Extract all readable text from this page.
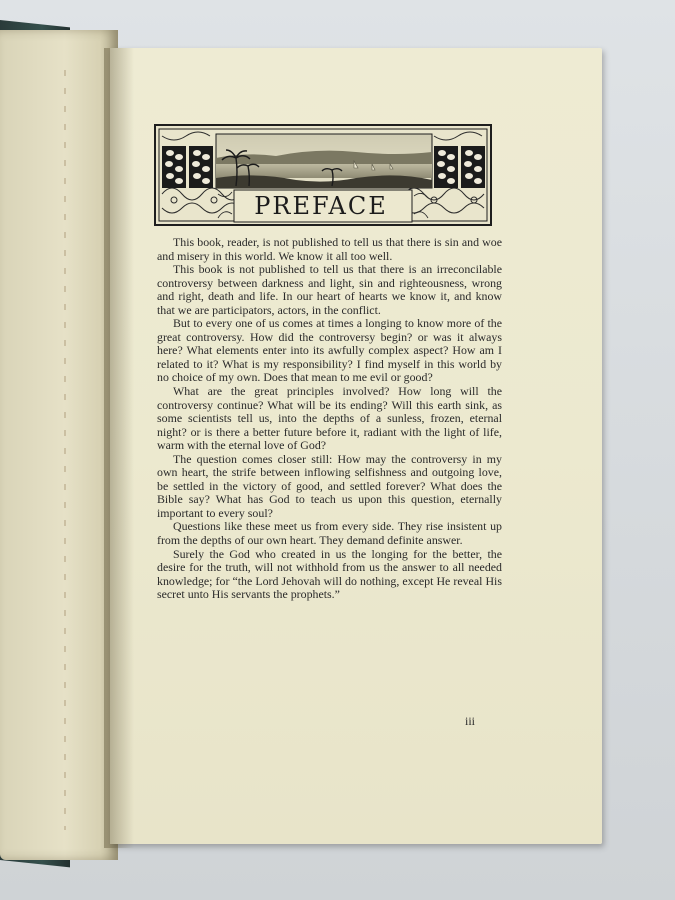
PREFACE

This book, reader, is not published to tell us that there is sin and woe and misery in this world. We know it all too well.

This book is not published to tell us that there is an irreconcilable controversy between darkness and light, sin and righteousness, wrong and right, death and life. In our heart of hearts we know it, and know that we are participators, actors, in the conflict.

But to every one of us comes at times a longing to know more of the great controversy. How did the controversy begin? or was it always here? What elements enter into its awfully complex aspect? How am I related to it? What is my responsibility? I find myself in this world by no choice of my own. Does that mean to me evil or good?

What are the great principles involved? How long will the controversy continue? What will be its ending? Will this earth sink, as some scientists tell us, into the depths of a sunless, frozen, eternal night? or is there a better future before it, radiant with the light of life, warm with the eternal love of God?

The question comes closer still: How may the controversy in my own heart, the strife between inflowing selfishness and outgoing love, be settled in the victory of good, and settled forever? What does the Bible say? What has God to teach us upon this question, eternally important to every soul?

Questions like these meet us from every side. They rise insistent up from the depths of our own heart. They demand definite answer.

Surely the God who created in us the longing for the better, the desire for the truth, will not withhold from us the answer to all needed knowledge; for “the Lord Jehovah will do nothing, except He reveal His secret unto His servants the prophets.”

iii
